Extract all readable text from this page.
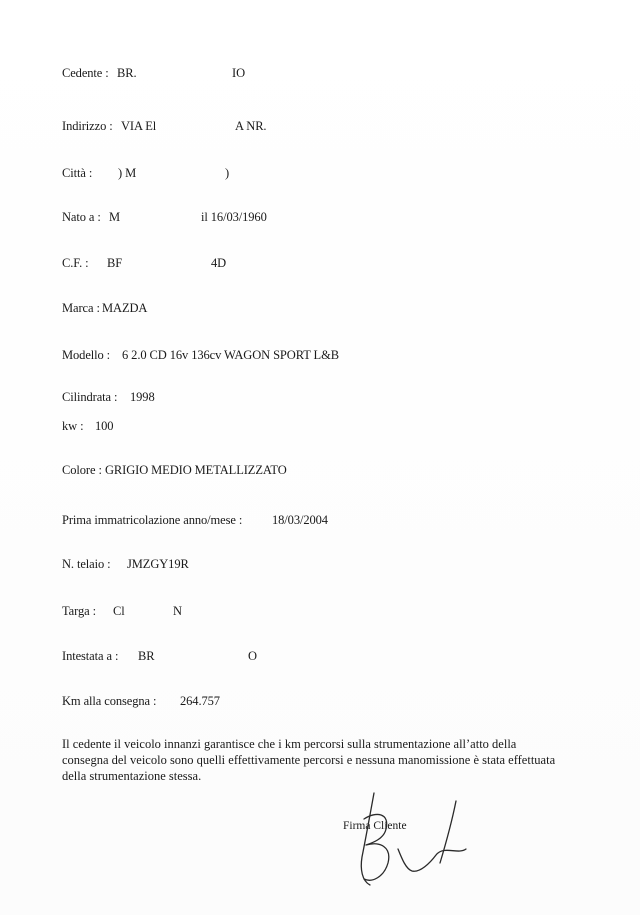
Cedente : BR.	IO
Indirizzo : VIA El	A NR.
Città : ) M	)
Nato a : M	il 16/03/1960
C.F. : BF	4D
Marca : MAZDA
Modello : 6 2.0 CD 16v 136cv WAGON SPORT L&B
Cilindrata : 1998
kw : 100
Colore : GRIGIO MEDIO METALLIZZATO
Prima immatricolazione anno/mese : 18/03/2004
N. telaio : JMZGY19R
Targa : Cl	N
Intestata a : BR	O
Km alla consegna : 264.757
Il cedente il veicolo innanzi garantisce che i km percorsi sulla strumentazione all’atto della
consegna del veicolo sono quelli effettivamente percorsi e nessuna manomissione è stata effettuata
della strumentazione stessa.
Firma Cliente
